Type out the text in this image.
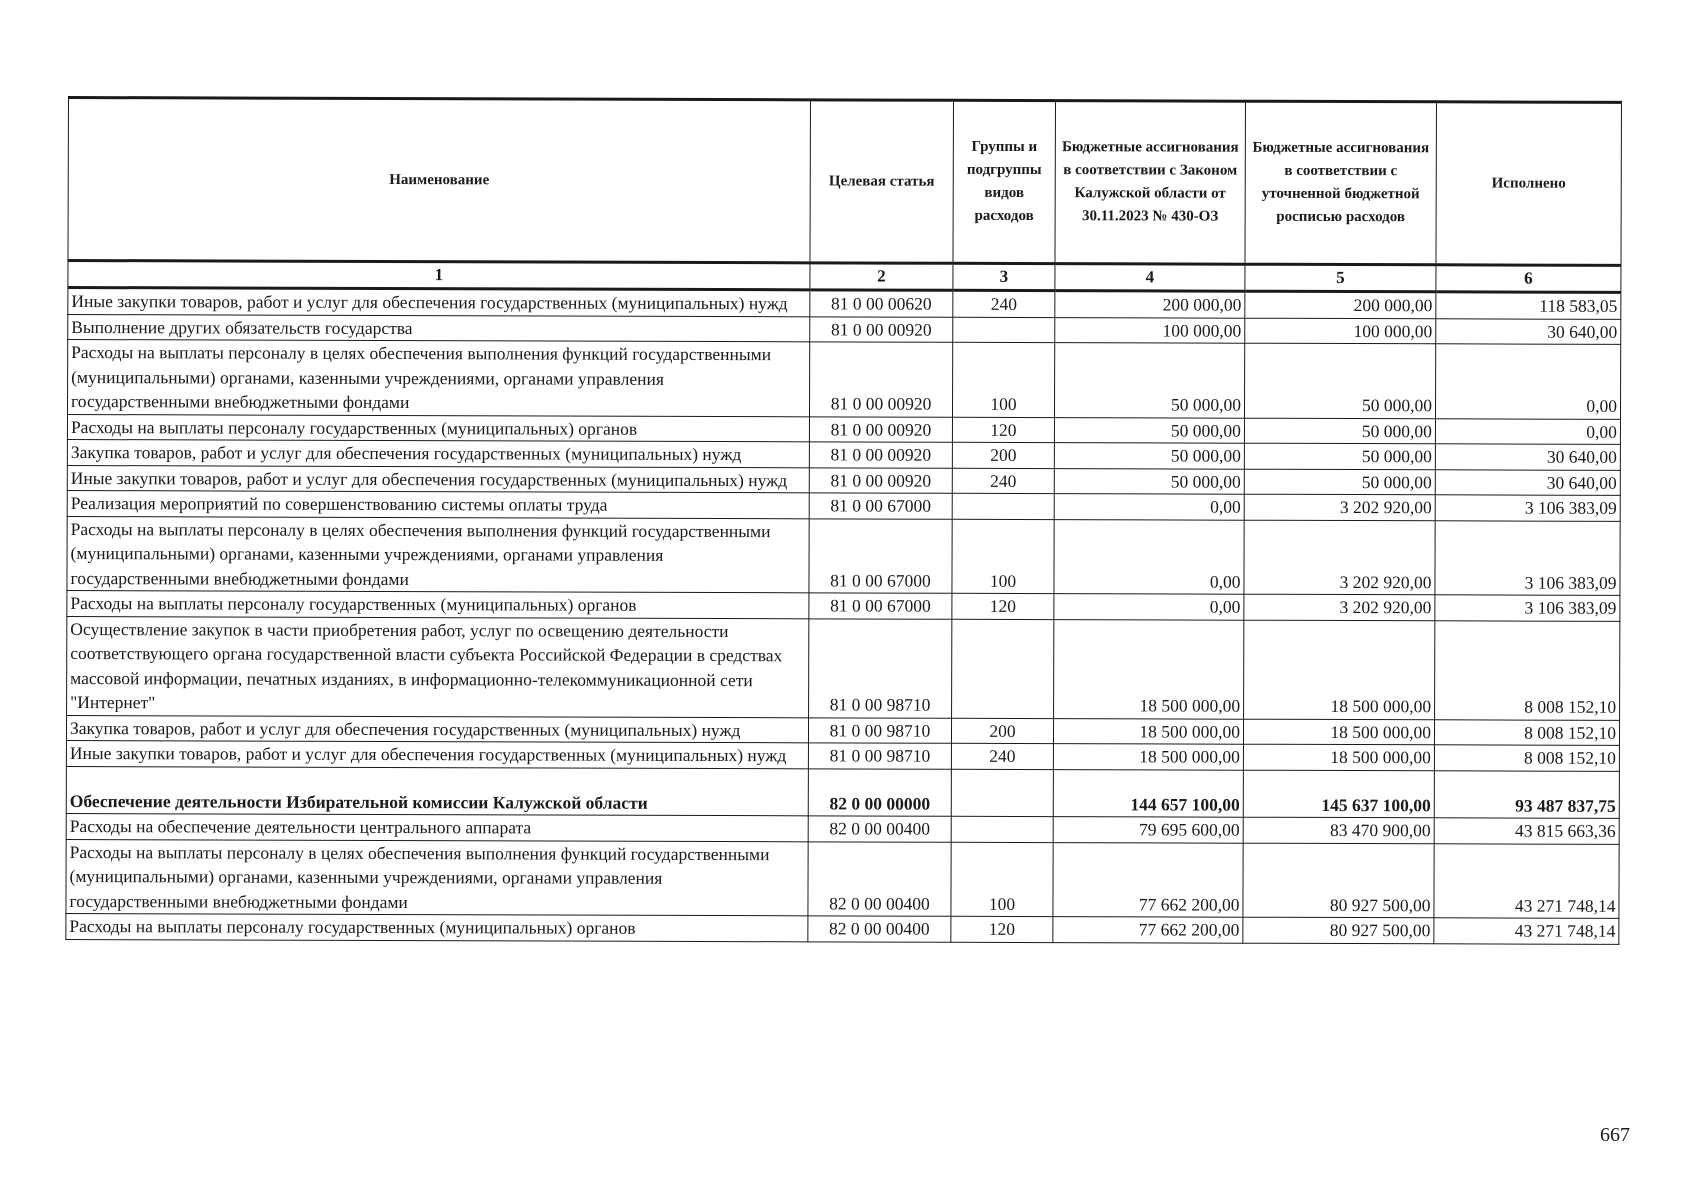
Наименование	Целевая статья	Группы и подгруппы видов расходов	Бюджетные ассигнования в соответствии с Законом Калужской области от 30.11.2023 № 430-ОЗ	Бюджетные ассигнования в соответствии с уточненной бюджетной росписью расходов	Исполнено
1	2	3	4	5	6
Иные закупки товаров, работ и услуг для обеспечения государственных (муниципальных) нужд	81 0 00 00620	240	200 000,00	200 000,00	118 583,05
Выполнение других обязательств государства	81 0 00 00920		100 000,00	100 000,00	30 640,00
Расходы на выплаты персоналу в целях обеспечения выполнения функций государственными (муниципальными) органами, казенными учреждениями, органами управления государственными внебюджетными фондами	81 0 00 00920	100	50 000,00	50 000,00	0,00
Расходы на выплаты персоналу государственных (муниципальных) органов	81 0 00 00920	120	50 000,00	50 000,00	0,00
Закупка товаров, работ и услуг для обеспечения государственных (муниципальных) нужд	81 0 00 00920	200	50 000,00	50 000,00	30 640,00
Иные закупки товаров, работ и услуг для обеспечения государственных (муниципальных) нужд	81 0 00 00920	240	50 000,00	50 000,00	30 640,00
Реализация мероприятий по совершенствованию системы оплаты труда	81 0 00 67000		0,00	3 202 920,00	3 106 383,09
Расходы на выплаты персоналу в целях обеспечения выполнения функций государственными (муниципальными) органами, казенными учреждениями, органами управления государственными внебюджетными фондами	81 0 00 67000	100	0,00	3 202 920,00	3 106 383,09
Расходы на выплаты персоналу государственных (муниципальных) органов	81 0 00 67000	120	0,00	3 202 920,00	3 106 383,09
Осуществление закупок в части приобретения работ, услуг по освещению деятельности соответствующего органа государственной власти субъекта Российской Федерации в средствах массовой информации, печатных изданиях, в информационно-телекоммуникационной сети "Интернет"	81 0 00 98710		18 500 000,00	18 500 000,00	8 008 152,10
Закупка товаров, работ и услуг для обеспечения государственных (муниципальных) нужд	81 0 00 98710	200	18 500 000,00	18 500 000,00	8 008 152,10
Иные закупки товаров, работ и услуг для обеспечения государственных (муниципальных) нужд	81 0 00 98710	240	18 500 000,00	18 500 000,00	8 008 152,10
Обеспечение деятельности Избирательной комиссии Калужской области	82 0 00 00000		144 657 100,00	145 637 100,00	93 487 837,75
Расходы на обеспечение деятельности центрального аппарата	82 0 00 00400		79 695 600,00	83 470 900,00	43 815 663,36
Расходы на выплаты персоналу в целях обеспечения выполнения функций государственными (муниципальными) органами, казенными учреждениями, органами управления государственными внебюджетными фондами	82 0 00 00400	100	77 662 200,00	80 927 500,00	43 271 748,14
Расходы на выплаты персоналу государственных (муниципальных) органов	82 0 00 00400	120	77 662 200,00	80 927 500,00	43 271 748,14
667
